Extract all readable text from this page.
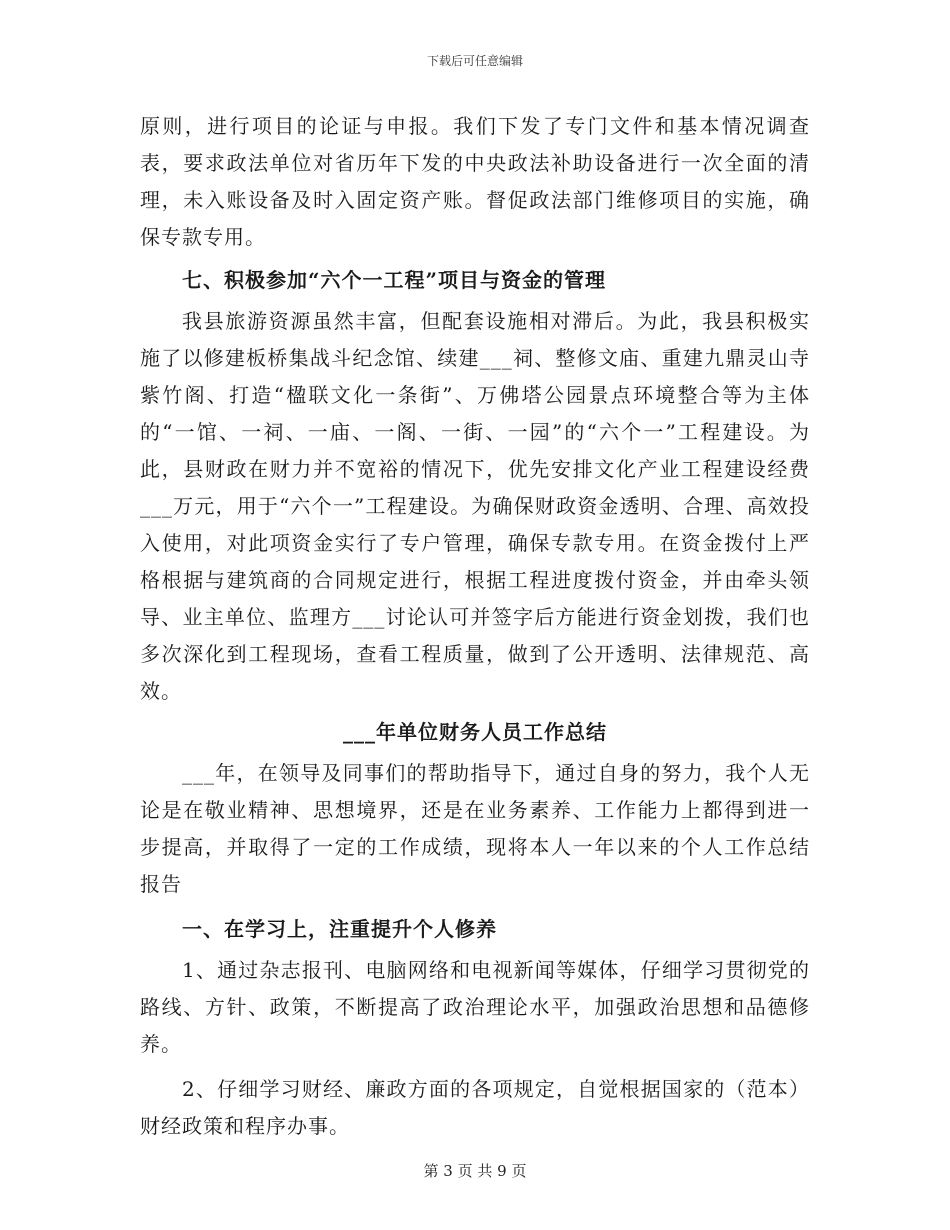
下载后可任意编辑

原则，进行项目的论证与申报。我们下发了专门文件和基本情况调查表，要求政法单位对省历年下发的中央政法补助设备进行一次全面的清理，未入账设备及时入固定资产账。督促政法部门维修项目的实施，确保专款专用。

七、积极参加“六个一工程”项目与资金的管理

我县旅游资源虽然丰富，但配套设施相对滞后。为此，我县积极实施了以修建板桥集战斗纪念馆、续建___祠、整修文庙、重建九鼎灵山寺紫竹阁、打造“楹联文化一条街”、万佛塔公园景点环境整合等为主体的“一馆、一祠、一庙、一阁、一街、一园”的“六个一”工程建设。为此，县财政在财力并不宽裕的情况下，优先安排文化产业工程建设经费___万元，用于“六个一”工程建设。为确保财政资金透明、合理、高效投入使用，对此项资金实行了专户管理，确保专款专用。在资金拨付上严格根据与建筑商的合同规定进行，根据工程进度拨付资金，并由牵头领导、业主单位、监理方___讨论认可并签字后方能进行资金划拨，我们也多次深化到工程现场，查看工程质量，做到了公开透明、法律规范、高效。

___年单位财务人员工作总结

___年，在领导及同事们的帮助指导下，通过自身的努力，我个人无论是在敬业精神、思想境界，还是在业务素养、工作能力上都得到进一步提高，并取得了一定的工作成绩，现将本人一年以来的个人工作总结报告

一、在学习上，注重提升个人修养

1、通过杂志报刊、电脑网络和电视新闻等媒体，仔细学习贯彻党的路线、方针、政策，不断提高了政治理论水平，加强政治思想和品德修养。

2、仔细学习财经、廉政方面的各项规定，自觉根据国家的（范本）财经政策和程序办事。

第 3 页 共 9 页
